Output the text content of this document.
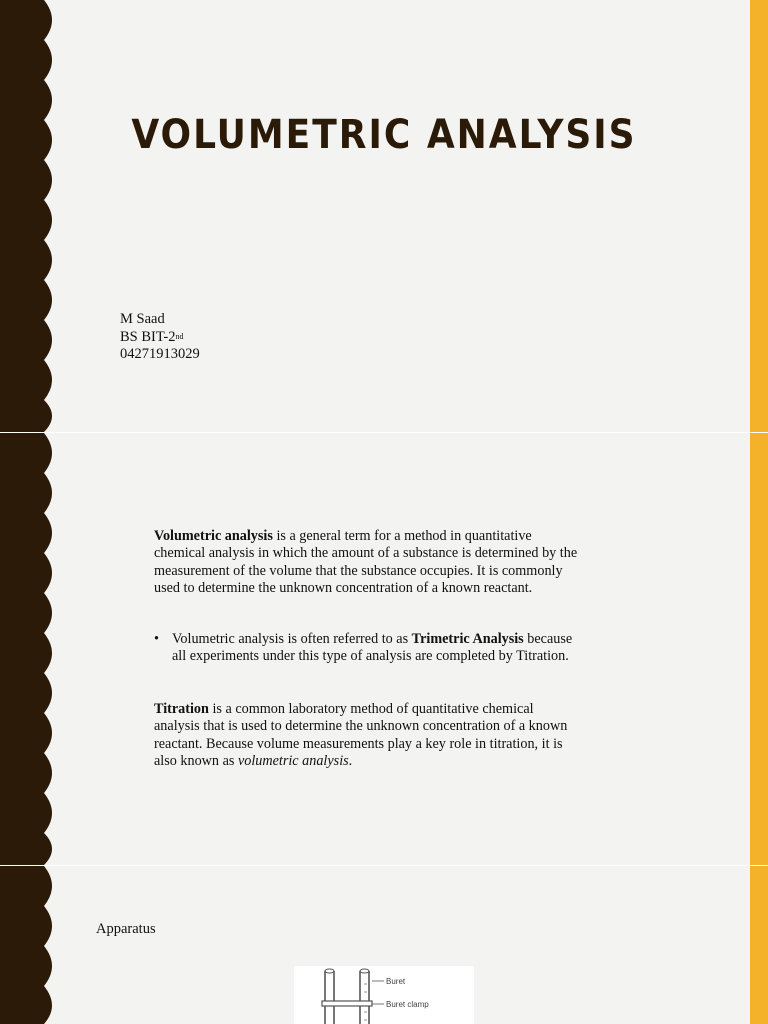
VOLUMETRIC ANALYSIS
M Saad
BS BIT-2nd
04271913029
Volumetric analysis is a general term for a method in quantitative chemical analysis in which the amount of a substance is determined by the measurement of the volume that the substance occupies. It is commonly used to determine the unknown concentration of a known reactant.
• Volumetric analysis is often referred to as Trimetric Analysis because all experiments under this type of analysis are completed by Titration.
Titration is a common laboratory method of quantitative chemical analysis that is used to determine the unknown concentration of a known reactant. Because volume measurements play a key role in titration, it is also known as volumetric analysis.
Apparatus
Buret
Buret clamp
